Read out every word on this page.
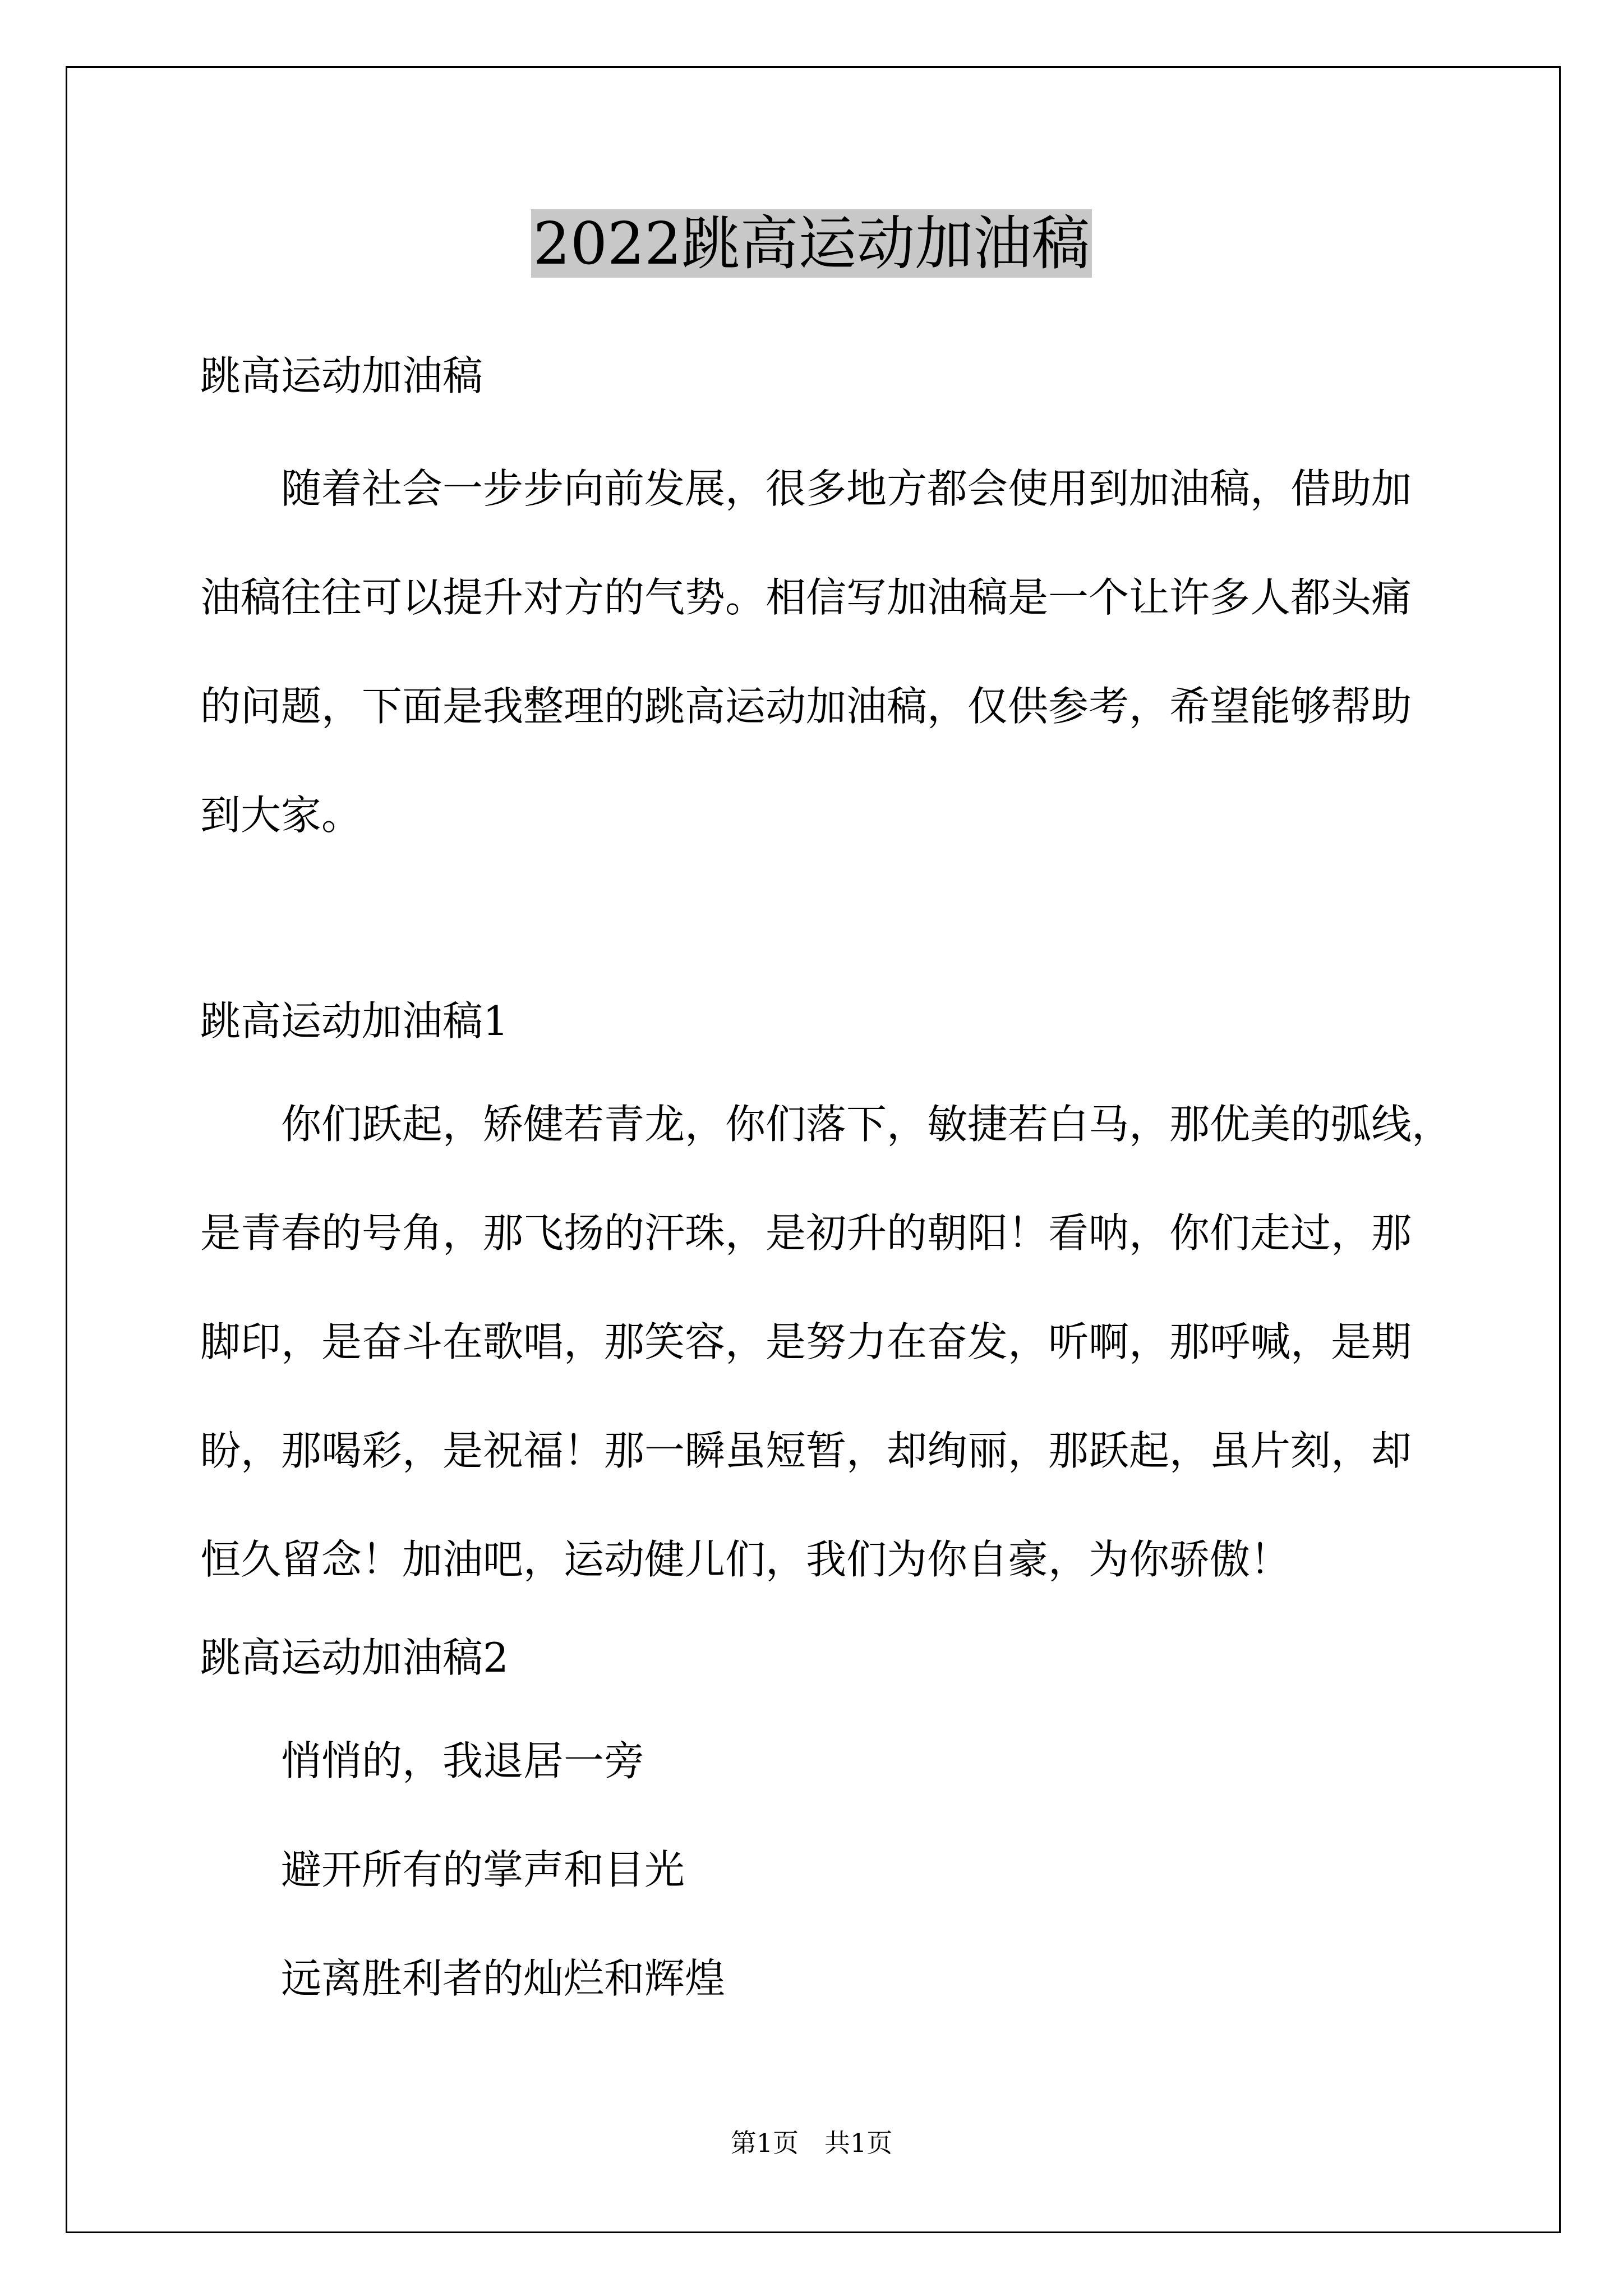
2022跳高运动加油稿
跳高运动加油稿
随着社会一步步向前发展，很多地方都会使用到加油稿，借助加
油稿往往可以提升对方的气势。相信写加油稿是一个让许多人都头痛
的问题，下面是我整理的跳高运动加油稿，仅供参考，希望能够帮助
到大家。
跳高运动加油稿1
你们跃起，矫健若青龙，你们落下，敏捷若白马，那优美的弧线，
是青春的号角，那飞扬的汗珠，是初升的朝阳！看呐，你们走过，那
脚印，是奋斗在歌唱，那笑容，是努力在奋发，听啊，那呼喊，是期
盼，那喝彩，是祝福！那一瞬虽短暂，却绚丽，那跃起，虽片刻，却
恒久留念！加油吧，运动健儿们，我们为你自豪，为你骄傲！
跳高运动加油稿2
悄悄的，我退居一旁
避开所有的掌声和目光
远离胜利者的灿烂和辉煌
第1页 共1页
